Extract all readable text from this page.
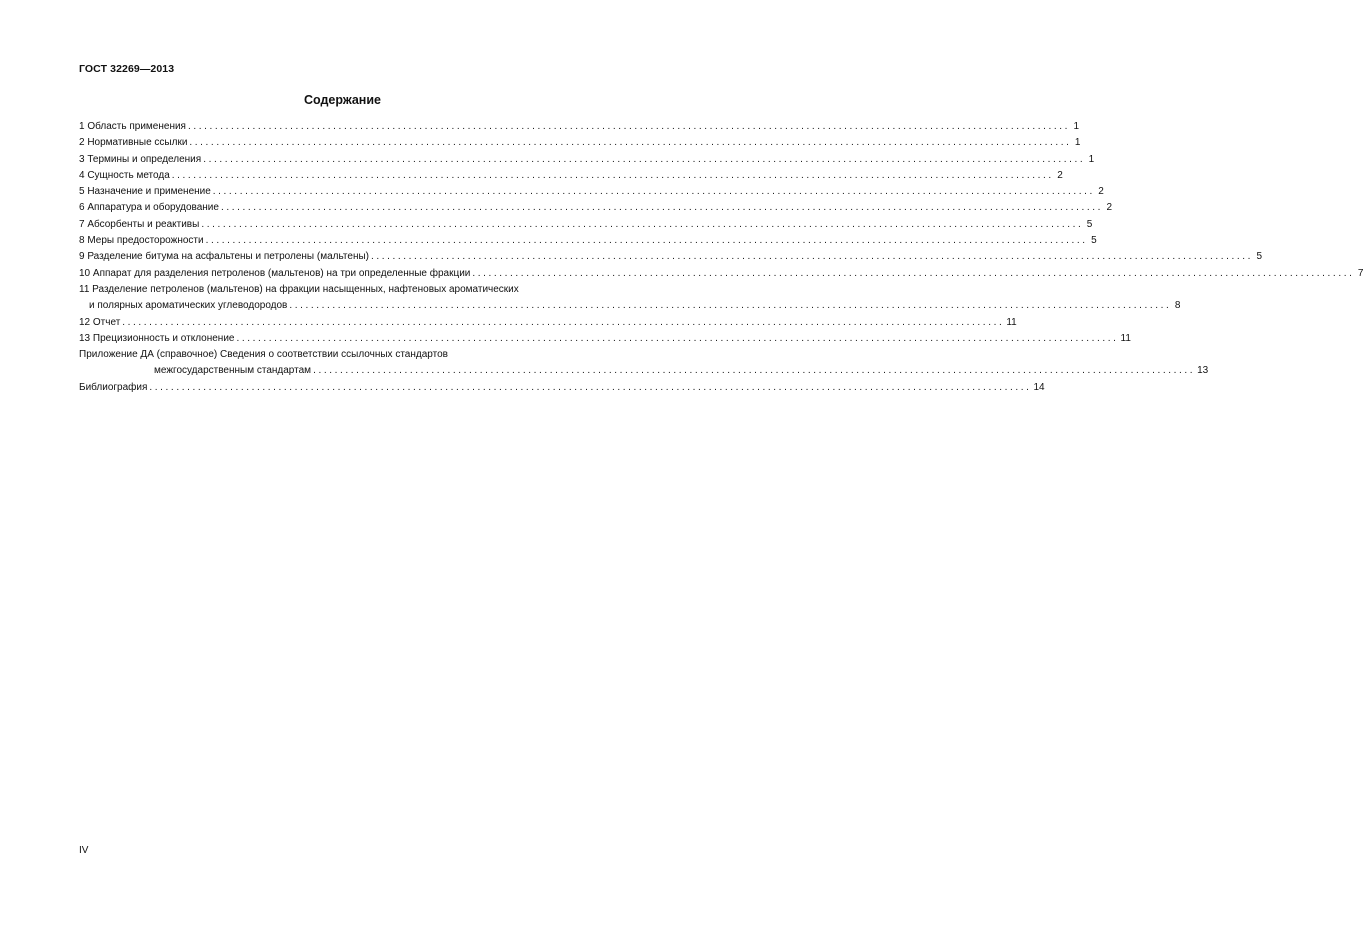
ГОСТ 32269—2013
Содержание
1 Область применения .................................................................................................................................................................... 1
2 Нормативные ссылки .................................................................................................................................................................... 1
3 Термины и определения .................................................................................................................................................................... 1
4 Сущность метода .................................................................................................................................................................... 2
5 Назначение и применение .................................................................................................................................................................... 2
6 Аппаратура и оборудование .................................................................................................................................................................... 2
7 Абсорбенты и реактивы .................................................................................................................................................................... 5
8 Меры предосторожности .................................................................................................................................................................... 5
9 Разделение битума на асфальтены и петролены (мальтены) .................................................................................................................................................................... 5
10 Аппарат для разделения петроленов (мальтенов) на три определенные фракции .................................................................................................................................................................... 7
11 Разделение петроленов (мальтенов) на фракции насыщенных, нафтеновых ароматических
и полярных ароматических углеводородов .................................................................................................................................................................... 8
12 Отчет .................................................................................................................................................................... 11
13 Прецизионность и отклонение .................................................................................................................................................................... 11
Приложение ДА (справочное) Сведения о соответствии ссылочных стандартов
межгосударственным стандартам .................................................................................................................................................................... 13
Библиография .................................................................................................................................................................... 14
IV
